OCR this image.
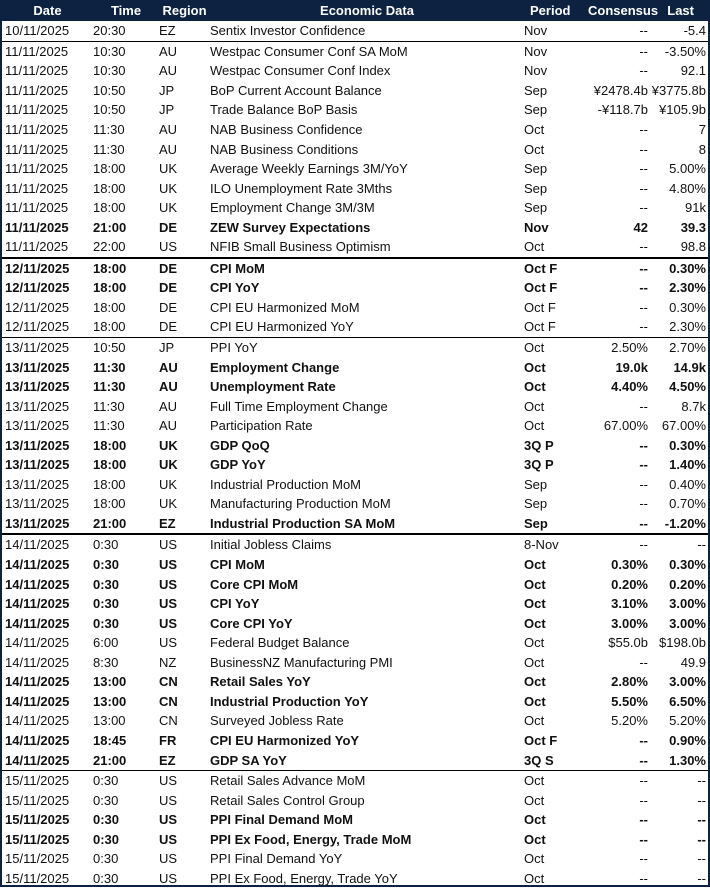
Date	Time	Region	Economic Data	Period	Consensus	Last
10/11/2025	20:30	EZ	Sentix Investor Confidence	Nov	--	-5.4
11/11/2025	10:30	AU	Westpac Consumer Conf SA MoM	Nov	--	-3.50%
11/11/2025	10:30	AU	Westpac Consumer Conf Index	Nov	--	92.1
11/11/2025	10:50	JP	BoP Current Account Balance	Sep	¥2478.4b	¥3775.8b
11/11/2025	10:50	JP	Trade Balance BoP Basis	Sep	-¥118.7b	¥105.9b
11/11/2025	11:30	AU	NAB Business Confidence	Oct	--	7
11/11/2025	11:30	AU	NAB Business Conditions	Oct	--	8
11/11/2025	18:00	UK	Average Weekly Earnings 3M/YoY	Sep	--	5.00%
11/11/2025	18:00	UK	ILO Unemployment Rate 3Mths	Sep	--	4.80%
11/11/2025	18:00	UK	Employment Change 3M/3M	Sep	--	91k
11/11/2025	21:00	DE	ZEW Survey Expectations	Nov	42	39.3
11/11/2025	22:00	US	NFIB Small Business Optimism	Oct	--	98.8
12/11/2025	18:00	DE	CPI MoM	Oct F	--	0.30%
12/11/2025	18:00	DE	CPI YoY	Oct F	--	2.30%
12/11/2025	18:00	DE	CPI EU Harmonized MoM	Oct F	--	0.30%
12/11/2025	18:00	DE	CPI EU Harmonized YoY	Oct F	--	2.30%
13/11/2025	10:50	JP	PPI YoY	Oct	2.50%	2.70%
13/11/2025	11:30	AU	Employment Change	Oct	19.0k	14.9k
13/11/2025	11:30	AU	Unemployment Rate	Oct	4.40%	4.50%
13/11/2025	11:30	AU	Full Time Employment Change	Oct	--	8.7k
13/11/2025	11:30	AU	Participation Rate	Oct	67.00%	67.00%
13/11/2025	18:00	UK	GDP QoQ	3Q P	--	0.30%
13/11/2025	18:00	UK	GDP YoY	3Q P	--	1.40%
13/11/2025	18:00	UK	Industrial Production MoM	Sep	--	0.40%
13/11/2025	18:00	UK	Manufacturing Production MoM	Sep	--	0.70%
13/11/2025	21:00	EZ	Industrial Production SA MoM	Sep	--	-1.20%
14/11/2025	0:30	US	Initial Jobless Claims	8-Nov	--	--
14/11/2025	0:30	US	CPI MoM	Oct	0.30%	0.30%
14/11/2025	0:30	US	Core CPI MoM	Oct	0.20%	0.20%
14/11/2025	0:30	US	CPI YoY	Oct	3.10%	3.00%
14/11/2025	0:30	US	Core CPI YoY	Oct	3.00%	3.00%
14/11/2025	6:00	US	Federal Budget Balance	Oct	$55.0b	$198.0b
14/11/2025	8:30	NZ	BusinessNZ Manufacturing PMI	Oct	--	49.9
14/11/2025	13:00	CN	Retail Sales YoY	Oct	2.80%	3.00%
14/11/2025	13:00	CN	Industrial Production YoY	Oct	5.50%	6.50%
14/11/2025	13:00	CN	Surveyed Jobless Rate	Oct	5.20%	5.20%
14/11/2025	18:45	FR	CPI EU Harmonized YoY	Oct F	--	0.90%
14/11/2025	21:00	EZ	GDP SA YoY	3Q S	--	1.30%
15/11/2025	0:30	US	Retail Sales Advance MoM	Oct	--	--
15/11/2025	0:30	US	Retail Sales Control Group	Oct	--	--
15/11/2025	0:30	US	PPI Final Demand MoM	Oct	--	--
15/11/2025	0:30	US	PPI Ex Food, Energy, Trade MoM	Oct	--	--
15/11/2025	0:30	US	PPI Final Demand YoY	Oct	--	--
15/11/2025	0:30	US	PPI Ex Food, Energy, Trade YoY	Oct	--	--
